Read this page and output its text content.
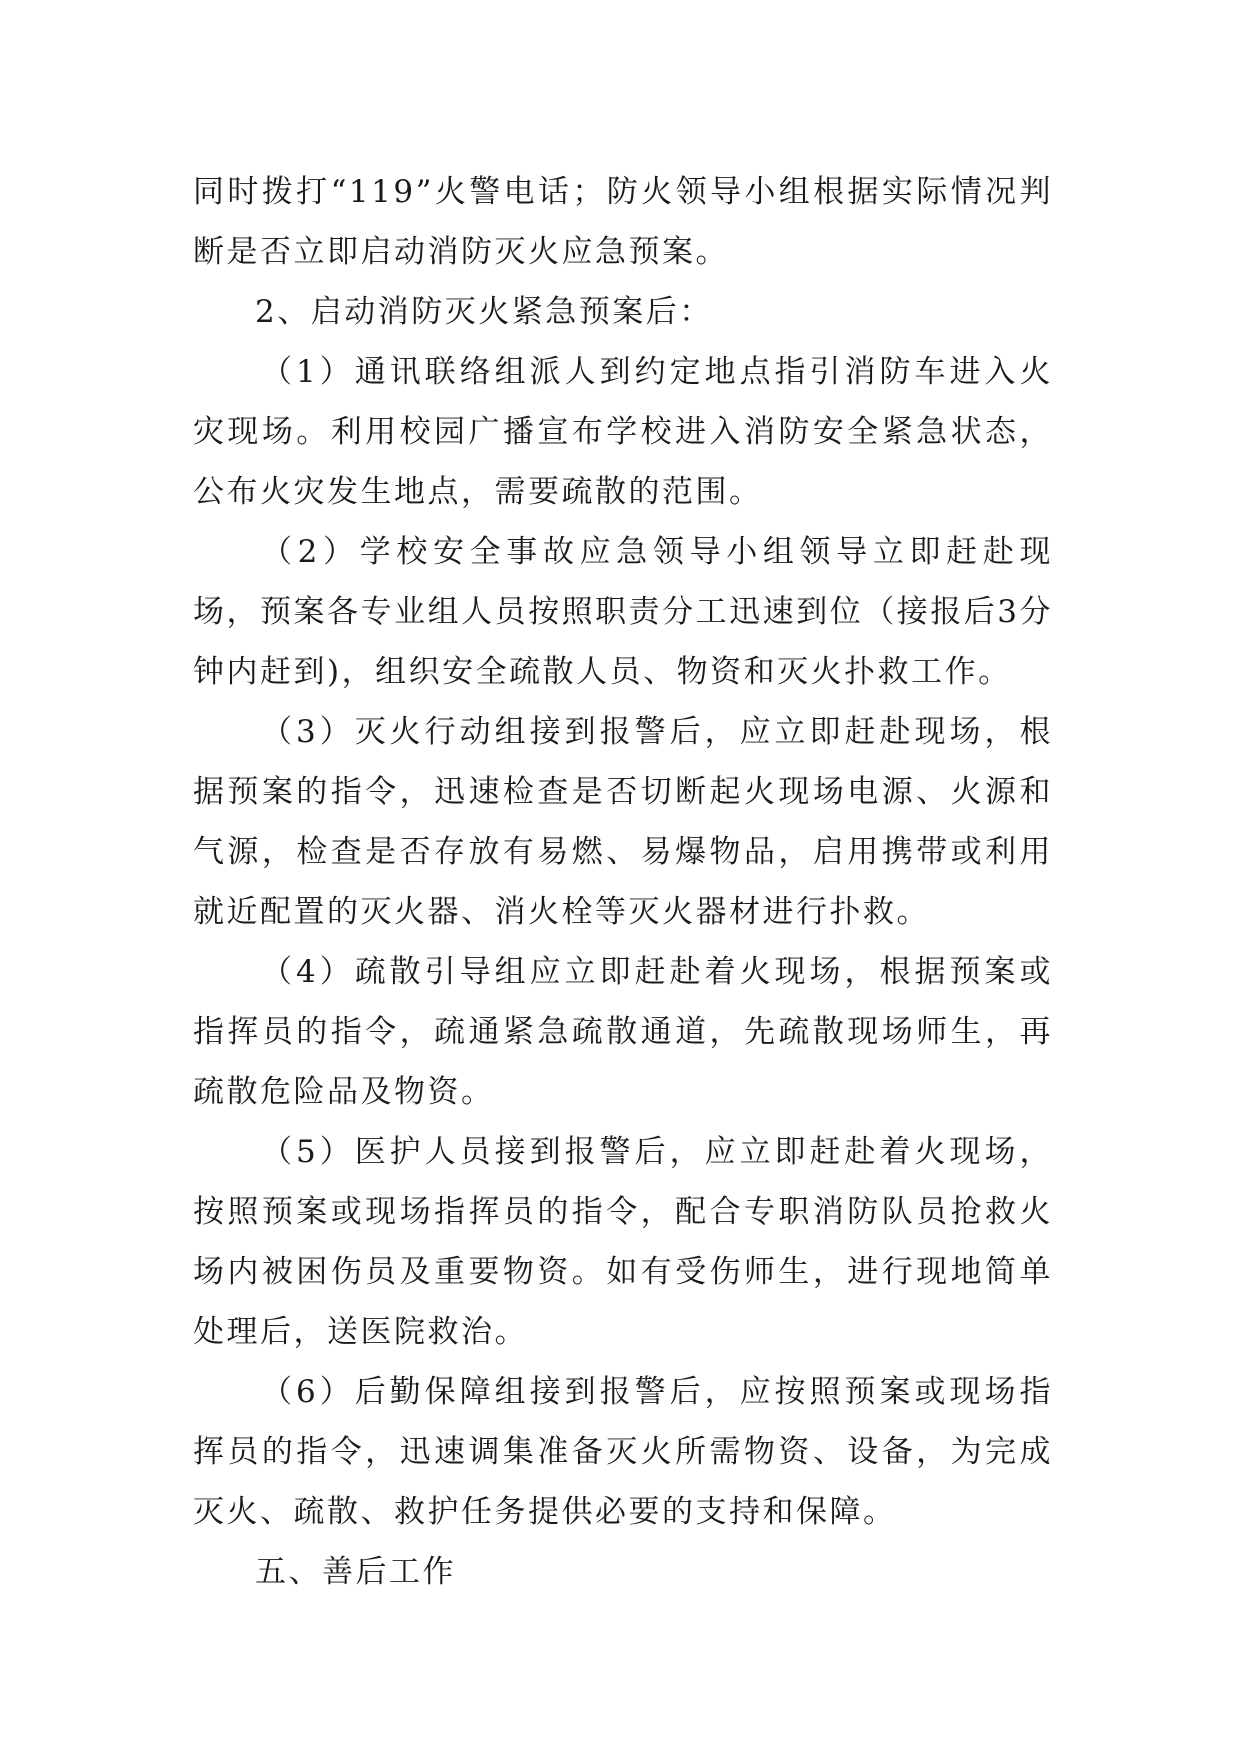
同时拨打“119”火警电话；防火领导小组根据实际情况判断是否立即启动消防灭火应急预案。

2、启动消防灭火紧急预案后：

（1）通讯联络组派人到约定地点指引消防车进入火灾现场。利用校园广播宣布学校进入消防安全紧急状态，公布火灾发生地点，需要疏散的范围。

（2）学校安全事故应急领导小组领导立即赶赴现场，预案各专业组人员按照职责分工迅速到位（接报后3分钟内赶到)，组织安全疏散人员、物资和灭火扑救工作。

（3）灭火行动组接到报警后，应立即赶赴现场，根据预案的指令，迅速检查是否切断起火现场电源、火源和气源，检查是否存放有易燃、易爆物品，启用携带或利用就近配置的灭火器、消火栓等灭火器材进行扑救。

（4）疏散引导组应立即赶赴着火现场，根据预案或指挥员的指令，疏通紧急疏散通道，先疏散现场师生，再疏散危险品及物资。

（5）医护人员接到报警后，应立即赶赴着火现场，按照预案或现场指挥员的指令，配合专职消防队员抢救火场内被困伤员及重要物资。如有受伤师生，进行现地简单处理后，送医院救治。

（6）后勤保障组接到报警后，应按照预案或现场指挥员的指令，迅速调集准备灭火所需物资、设备，为完成灭火、疏散、救护任务提供必要的支持和保障。

五、善后工作
